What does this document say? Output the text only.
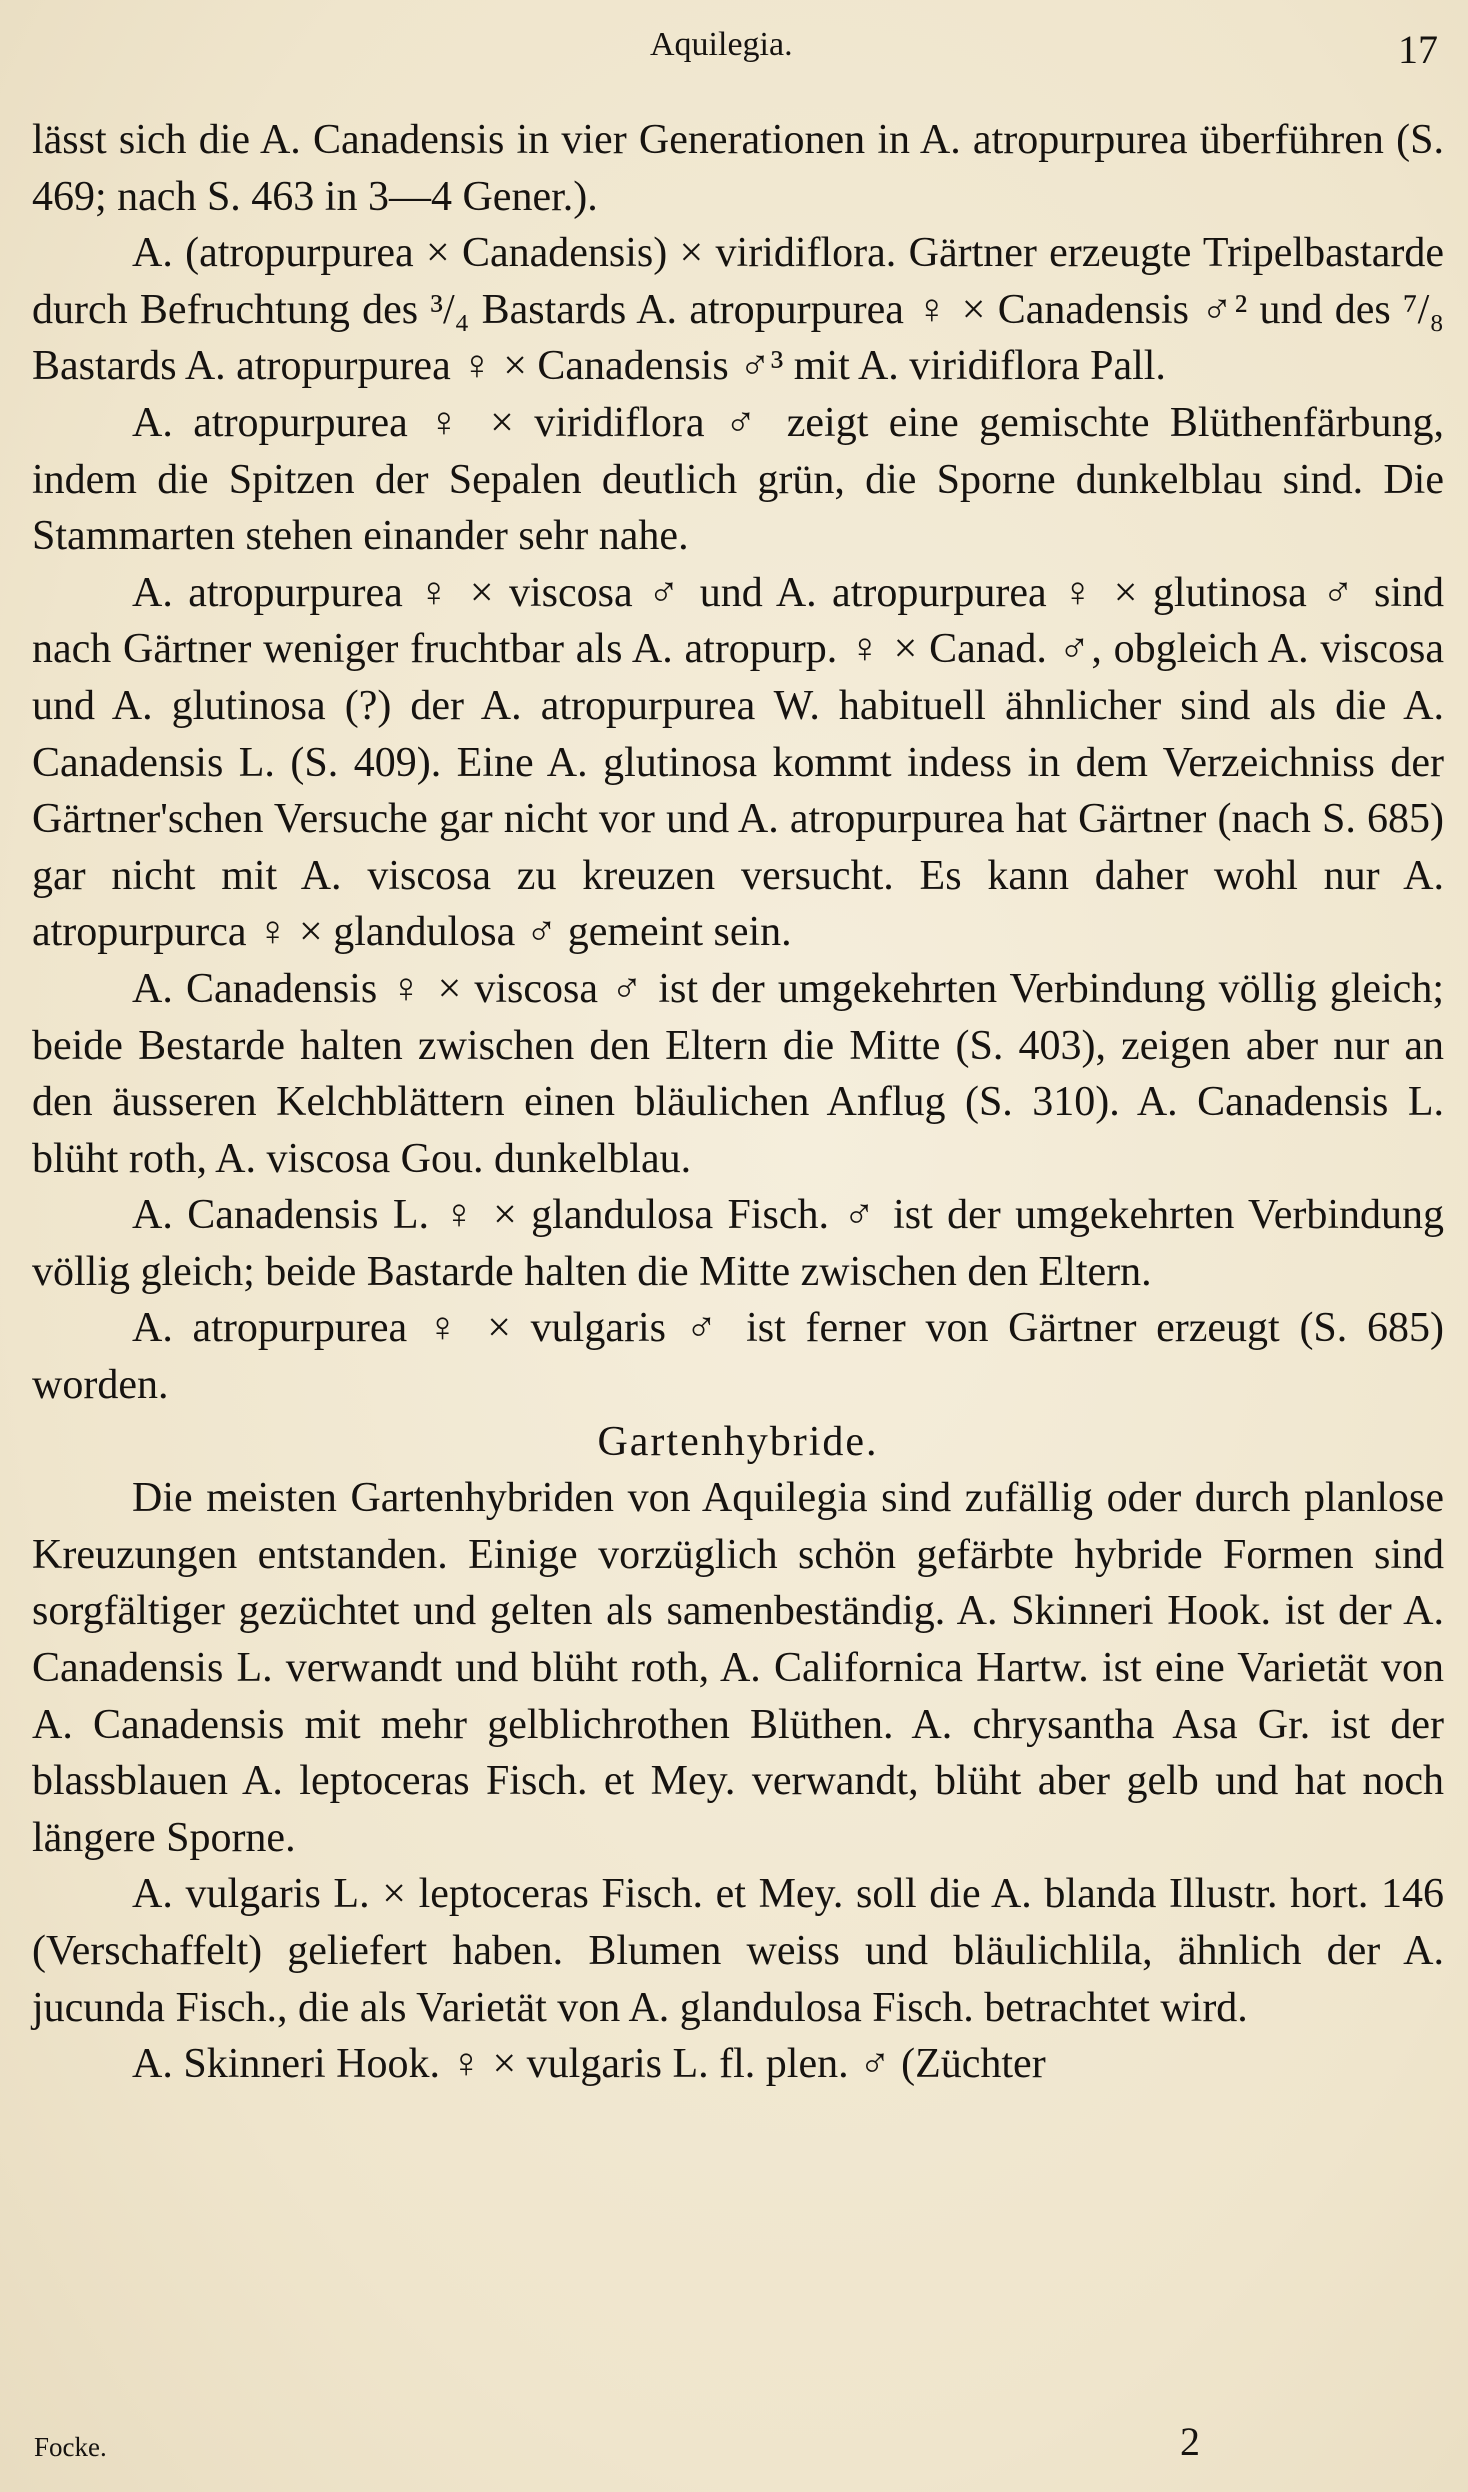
Aquilegia.	17

lässt sich die A. Canadensis in vier Generationen in A. atropurpurea überführen (S. 469; nach S. 463 in 3—4 Gener.).

A. (atropurpurea × Canadensis) × viridiflora. Gärtner erzeugte Tripelbastarde durch Befruchtung des ³/₄ Bastards A. atropurpurea ♀ × Canadensis ♂² und des ⁷/₈ Bastards A. atropurpurea ♀ × Canadensis ♂³ mit A. viridiflora Pall.

A. atropurpurea ♀ × viridiflora ♂ zeigt eine gemischte Blüthenfärbung, indem die Spitzen der Sepalen deutlich grün, die Sporne dunkelblau sind. Die Stammarten stehen einander sehr nahe.

A. atropurpurea ♀ × viscosa ♂ und A. atropurpurea ♀ × glutinosa ♂ sind nach Gärtner weniger fruchtbar als A. atropurp. ♀ × Canad. ♂, obgleich A. viscosa und A. glutinosa (?) der A. atropurpurea W. habituell ähnlicher sind als die A. Canadensis L. (S. 409). Eine A. glutinosa kommt indess in dem Verzeichniss der Gärtner'schen Versuche gar nicht vor und A. atropurpurea hat Gärtner (nach S. 685) gar nicht mit A. viscosa zu kreuzen versucht. Es kann daher wohl nur A. atropurpurca ♀ × glandulosa ♂ gemeint sein.

A. Canadensis ♀ × viscosa ♂ ist der umgekehrten Verbindung völlig gleich; beide Bestarde halten zwischen den Eltern die Mitte (S. 403), zeigen aber nur an den äusseren Kelchblättern einen bläulichen Anflug (S. 310). A. Canadensis L. blüht roth, A. viscosa Gou. dunkelblau.

A. Canadensis L. ♀ × glandulosa Fisch. ♂ ist der umgekehrten Verbindung völlig gleich; beide Bastarde halten die Mitte zwischen den Eltern.

A. atropurpurea ♀ × vulgaris ♂ ist ferner von Gärtner erzeugt (S. 685) worden.

Gartenhybride.

Die meisten Gartenhybriden von Aquilegia sind zufällig oder durch planlose Kreuzungen entstanden. Einige vorzüglich schön gefärbte hybride Formen sind sorgfältiger gezüchtet und gelten als samenbeständig. A. Skinneri Hook. ist der A. Canadensis L. verwandt und blüht roth, A. Californica Hartw. ist eine Varietät von A. Canadensis mit mehr gelblichrothen Blüthen. A. chrysantha Asa Gr. ist der blassblauen A. leptoceras Fisch. et Mey. verwandt, blüht aber gelb und hat noch längere Sporne.

A. vulgaris L. × leptoceras Fisch. et Mey. soll die A. blanda Illustr. hort. 146 (Verschaffelt) geliefert haben. Blumen weiss und bläulichlila, ähnlich der A. jucunda Fisch., die als Varietät von A. glandulosa Fisch. betrachtet wird.

A. Skinneri Hook. ♀ × vulgaris L. fl. plen. ♂ (Züchter

Focke.	2
